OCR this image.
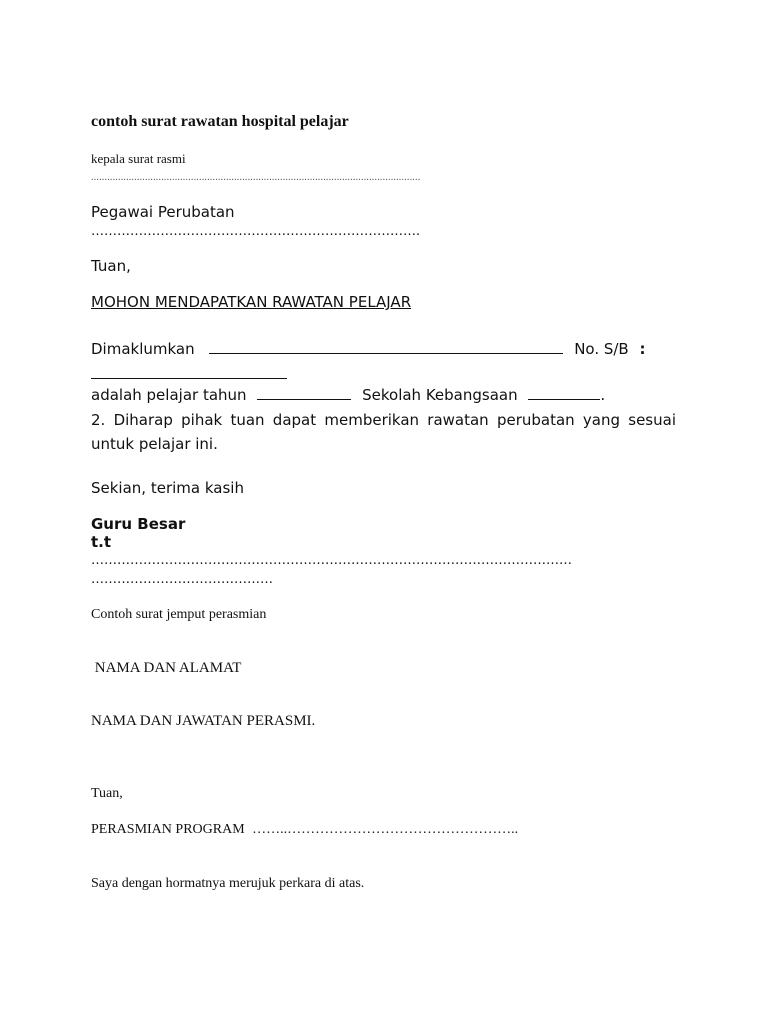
contoh surat rawatan hospital pelajar
kepala surat rasmi
..........................................................................................................................
Pegawai Perubatan
………………………………………………………………….
Tuan,
MOHON MENDAPATKAN RAWATAN PELAJAR
Dimaklumkan	No. S/B :
adalah pelajar tahun	Sekolah Kebangsaan	.
2. Diharap pihak tuan dapat memberikan rawatan perubatan yang sesuai untuk pelajar ini.
Sekian, terima kasih
Guru Besar
t.t
…………………………………………………………………………………………………
……………………………………
Contoh surat jemput perasmian
NAMA DAN ALAMAT
NAMA DAN JAWATAN PERASMI.
Tuan,
PERASMIAN PROGRAM ……..…………………………………………..
Saya dengan hormatnya merujuk perkara di atas.
